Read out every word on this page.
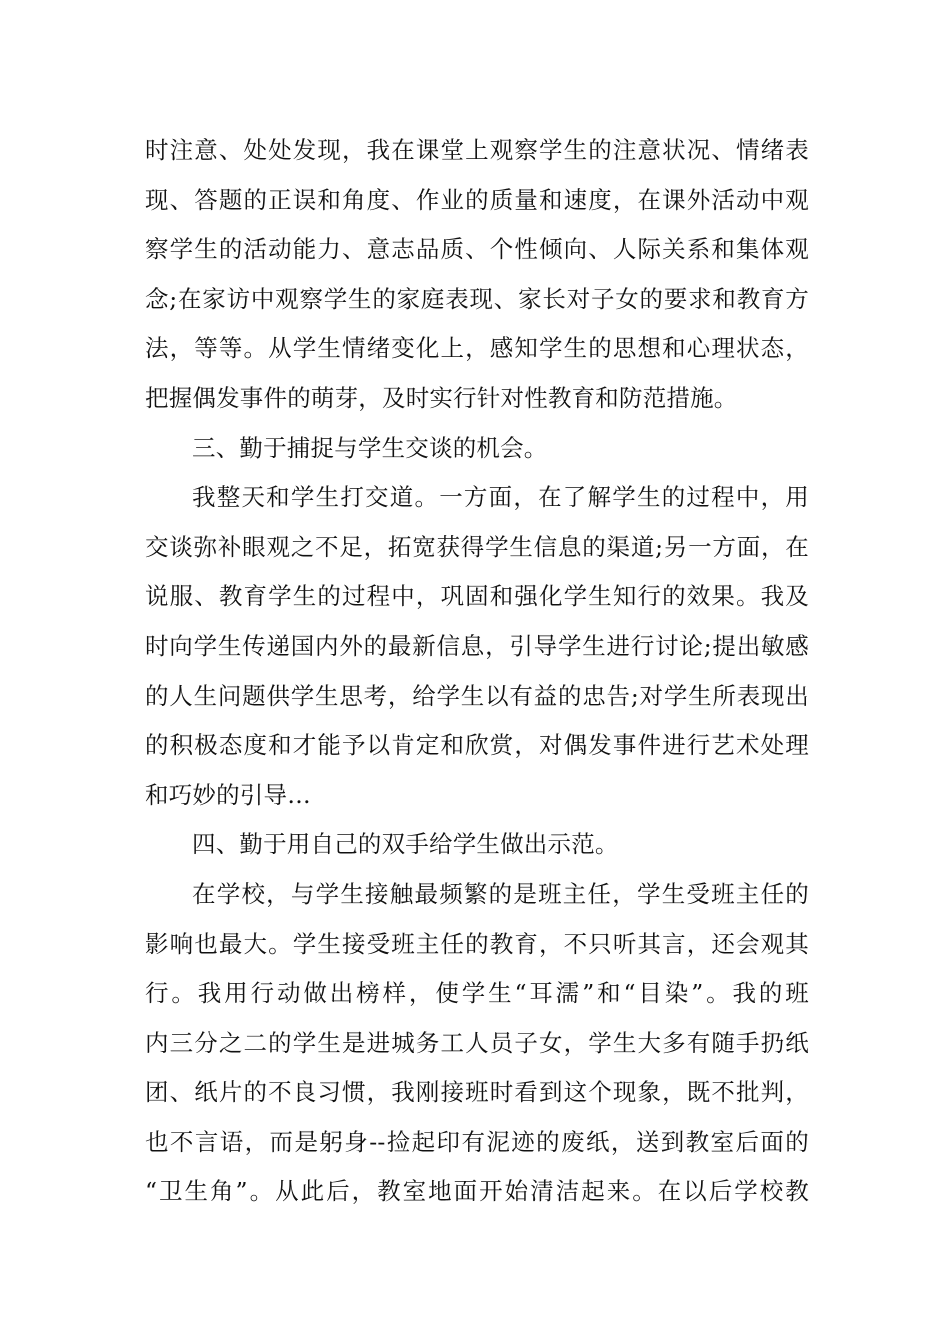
时注意、处处发现，我在课堂上观察学生的注意状况、情绪表
现、答题的正误和角度、作业的质量和速度，在课外活动中观
察学生的活动能力、意志品质、个性倾向、人际关系和集体观
念;在家访中观察学生的家庭表现、家长对子女的要求和教育方
法，等等。从学生情绪变化上，感知学生的思想和心理状态，
把握偶发事件的萌芽，及时实行针对性教育和防范措施。
三、勤于捕捉与学生交谈的机会。
我整天和学生打交道。一方面，在了解学生的过程中，用
交谈弥补眼观之不足，拓宽获得学生信息的渠道;另一方面，在
说服、教育学生的过程中，巩固和强化学生知行的效果。我及
时向学生传递国内外的最新信息，引导学生进行讨论;提出敏感
的人生问题供学生思考，给学生以有益的忠告;对学生所表现出
的积极态度和才能予以肯定和欣赏，对偶发事件进行艺术处理
和巧妙的引导…
四、勤于用自己的双手给学生做出示范。
在学校，与学生接触最频繁的是班主任，学生受班主任的
影响也最大。学生接受班主任的教育，不只听其言，还会观其
行。我用行动做出榜样，使学生“耳濡”和“目染”。我的班
内三分之二的学生是进城务工人员子女，学生大多有随手扔纸
团、纸片的不良习惯，我刚接班时看到这个现象，既不批判，
也不言语，而是躬身--捡起印有泥迹的废纸，送到教室后面的
“卫生角”。从此后，教室地面开始清洁起来。在以后学校教
